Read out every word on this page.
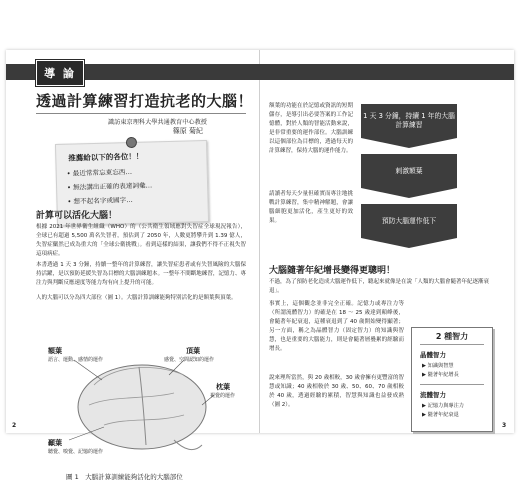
導 論
透過計算練習打造抗老的大腦！
識訪東京理科大學共通教育中心教授
篠原 菊紀
推薦給以下的各位！！
• 最近常常忘東忘西…
• 無法講出正確的表達詞彙…
• 想不起名字或國字…
計算可以活化大腦！
根據 2021 年世界衛生組織（WHO）的（公共衛生領域應對失智症全球現況報告），全球已有超過 5,500 萬名失智者，預估到了 2050 年，人數更將攀升到 1.39 億人，失智症儼然已成為重大的「全球公衛挑戰」。看到這樣的結果，讓我們不得不正視失智這項病症。
本書透過 1 天 3 分鐘，持續一整年的計算練習，讓失智症患者或有失智風險的大腦保持活躍，是以預防延緩失智為目標的大腦訓練題本。一整年不間斷地練習，記憶力、專注力與判斷反應速度等能力均有向上提升的可能。
人的大腦可以分為四大部位（圖 1）。大腦計算訓練能夠特別活化的是額葉與頂葉。
額葉
語言、運動、感情的運作
頂葉
感覺、空間認知的運作
枕葉
視覺的運作
顳葉
聽覺、嗅覺、記憶的運作
圖 1　大腦計算訓練能夠活化的大腦部位
2
額葉的功能在於記憶或資訊的短期儲存，是導引出必要答案的工作記憶體，對於人類的智能活動來說，是非常重要的運作部位。大腦訓練以這個部位為目標的，透過每天的計算練習，保持大腦的運作能力。
請讀者每天少量但確實而專注地挑戰計算練習，集中精神解題，會讓腦細胞更加活化，產生更好的效果。
1 天 3 分鐘，持續 1 年的大腦計算練習
刺激額葉
預防大腦運作低下
大腦隨著年紀增長變得更聰明！
不過，為了預防老化造成大腦運作低下，聽起來就像是在說「人類的大腦會隨著年紀逐漸衰退」。
事實上，這個觀念並非完全正確。記憶力或專注力等（所謂流體智力）的確是在 18 ～ 25 歲達到顛峰後，會隨著年紀衰退，這種衰退到了 40 歲開始變得顯著；另一方面，稱之為晶體智力（固定智力）的知識與智慧，也是重要的大腦能力，則是會隨著層疊累的經驗而增長。
說來理所當然，與 20 歲相較，30 歲會擁有更豐富的智慧或知識；40 歲相較於 30 歲、50、60、70 歲相較於 40 歲，透過經驗的累積，智慧與知識也益發成熟（圖 2）。
2 種智力
晶體智力
▶ 知識與智慧
▶ 隨著年紀增長
流體智力
▶ 記憶力與專注力
▶ 隨著年紀衰退
3
